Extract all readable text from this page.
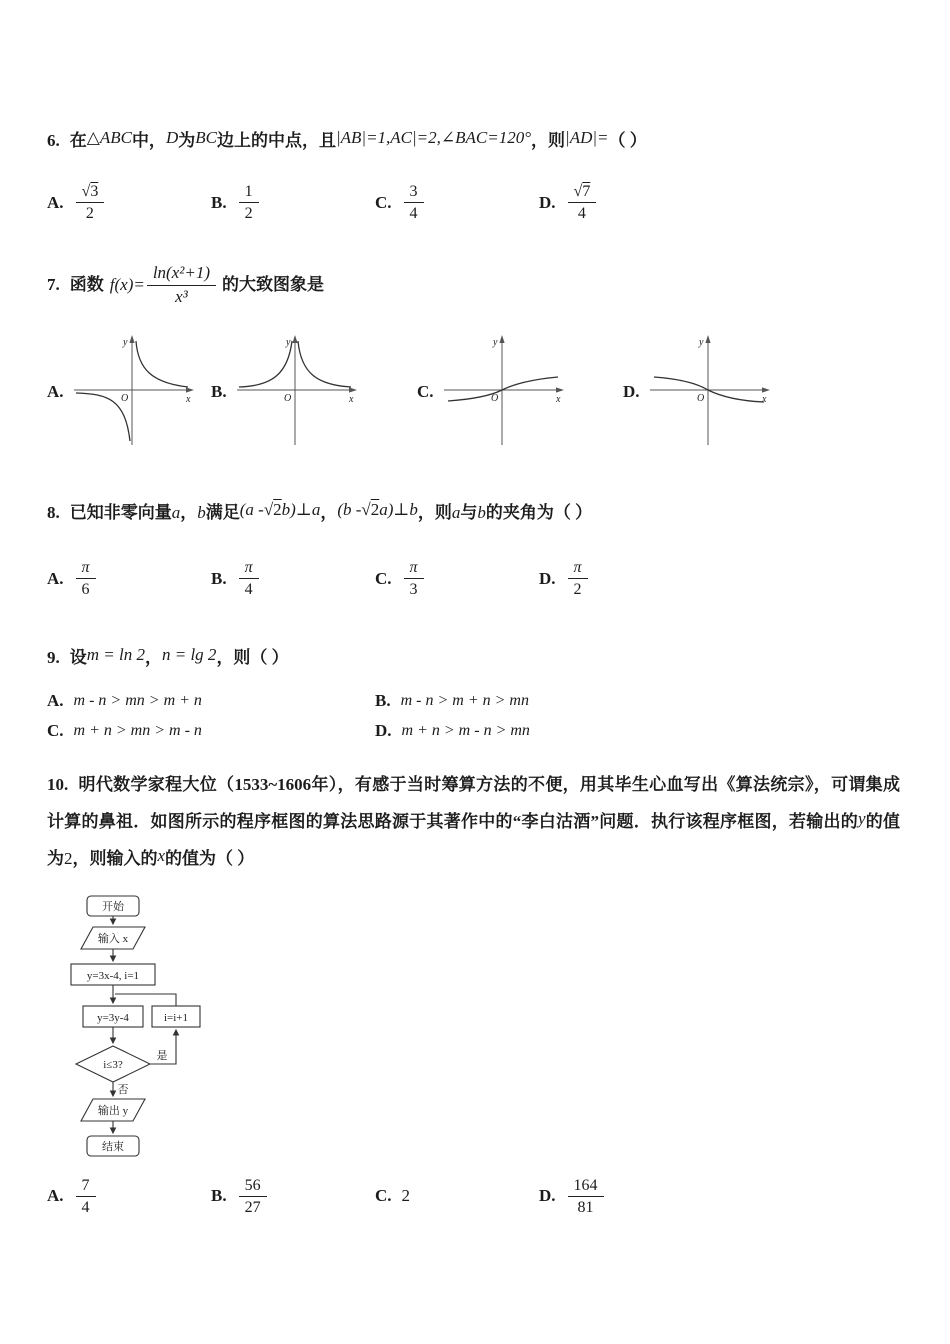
6. 在△ABC中，D为BC边上的中点，且|AB|=1,AC|=2,∠BAC=120°，则|AD|=（ ）

A. $\frac{√3}{2}$	B. $\frac{1}{2}$	C. $\frac{3}{4}$	D. $\frac{√7}{4}$
7. 函数 f $(x)= \frac{\text{ln(x²+1)}}{\text{x³}}$ 的大致图象是
A.
y
x
O	B.
y
x
O	C.
y
x
O	D.
y
x
O

8. 已知非零向量a，b满足(a -√2b)⊥a，(b -√2a)⊥b，则a与b的夹角为（ ）

A. $\frac{\pi}{6}$	B. $\frac{\pi}{4}$	C. $\frac{\pi}{3}$	D. $\frac{\pi}{2}$

9. 设m = ln 2，n = lg 2，则（ ）

A. m - n > mn > m + n	B. m - n > m + n > mn
C. m + n > mn > m - n	D. m + n > m - n > mn

10. 明代数学家程大位（1533~1606年），有感于当时筹算方法的不便，用其毕生心血写出《算法统宗》，可谓集成计算的鼻祖．如图所示的程序框图的算法思路源于其著作中的“李白沽酒”问题．执行该程序框图，若输出的y的值为2，则输入的x的值为（ ）

开始
输入 x
y=3x-4, i=1
y=3y-4	i=i+1
i≤3?
是
否
输出 y
结束
A. $\frac{7}{4}$	B. $\frac{56}{27}$	C. 2	D. $\frac{164}{81}$
